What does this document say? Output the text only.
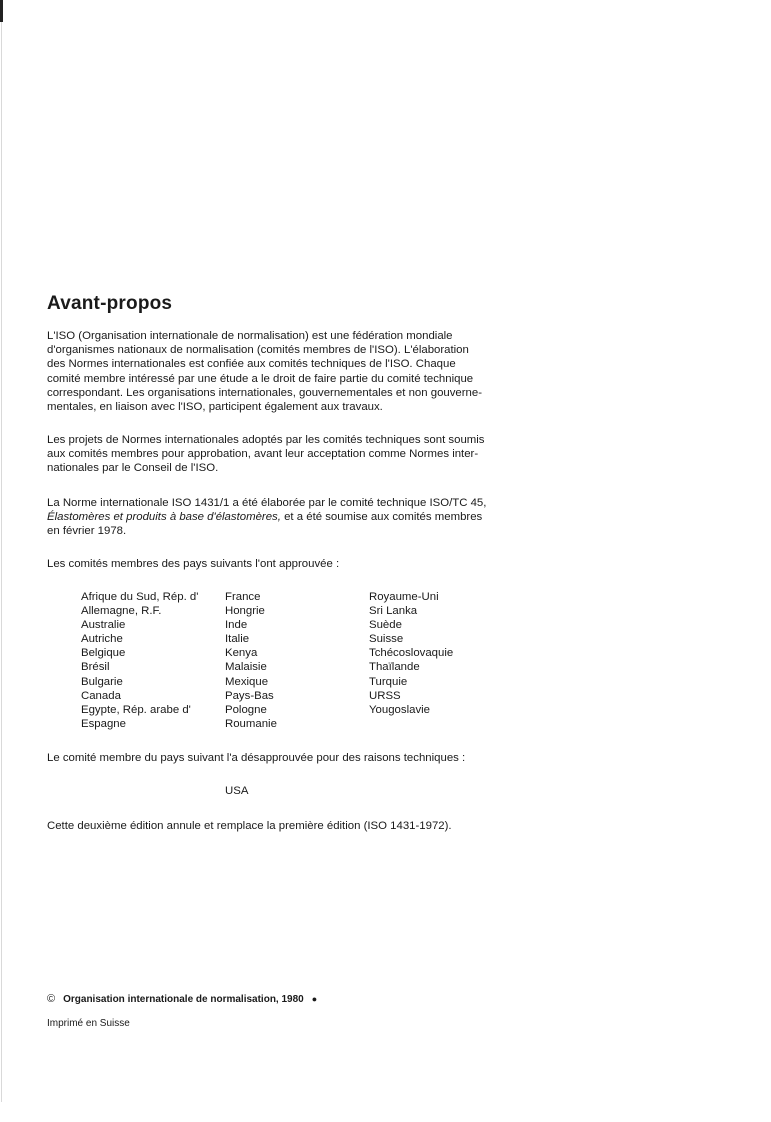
Avant-propos
L'ISO (Organisation internationale de normalisation) est une fédération mondiale
d'organismes nationaux de normalisation (comités membres de l'ISO). L'élaboration
des Normes internationales est confiée aux comités techniques de l'ISO. Chaque
comité membre intéressé par une étude a le droit de faire partie du comité technique
correspondant. Les organisations internationales, gouvernementales et non gouverne-
mentales, en liaison avec l'ISO, participent également aux travaux.
Les projets de Normes internationales adoptés par les comités techniques sont soumis
aux comités membres pour approbation, avant leur acceptation comme Normes inter-
nationales par le Conseil de l'ISO.
La Norme internationale ISO 1431/1 a été élaborée par le comité technique ISO/TC 45,
Élastomères et produits à base d'élastomères, et a été soumise aux comités membres
en février 1978.

Les comités membres des pays suivants l'ont approuvée :

Afrique du Sud, Rép. d'
Allemagne, R.F.
Australie
Autriche
Belgique
Brésil
Bulgarie
Canada
Egypte, Rép. arabe d'
Espagne
France
Hongrie
Inde
Italie
Kenya
Malaisie
Mexique
Pays-Bas
Pologne
Roumanie
Royaume-Uni
Sri Lanka
Suède
Suisse
Tchécoslovaquie
Thaïlande
Turquie
URSS
Yougoslavie

Le comité membre du pays suivant l'a désapprouvée pour des raisons techniques :

USA

Cette deuxième édition annule et remplace la première édition (ISO 1431-1972).

© Organisation internationale de normalisation, 1980 ●
Imprimé en Suisse
